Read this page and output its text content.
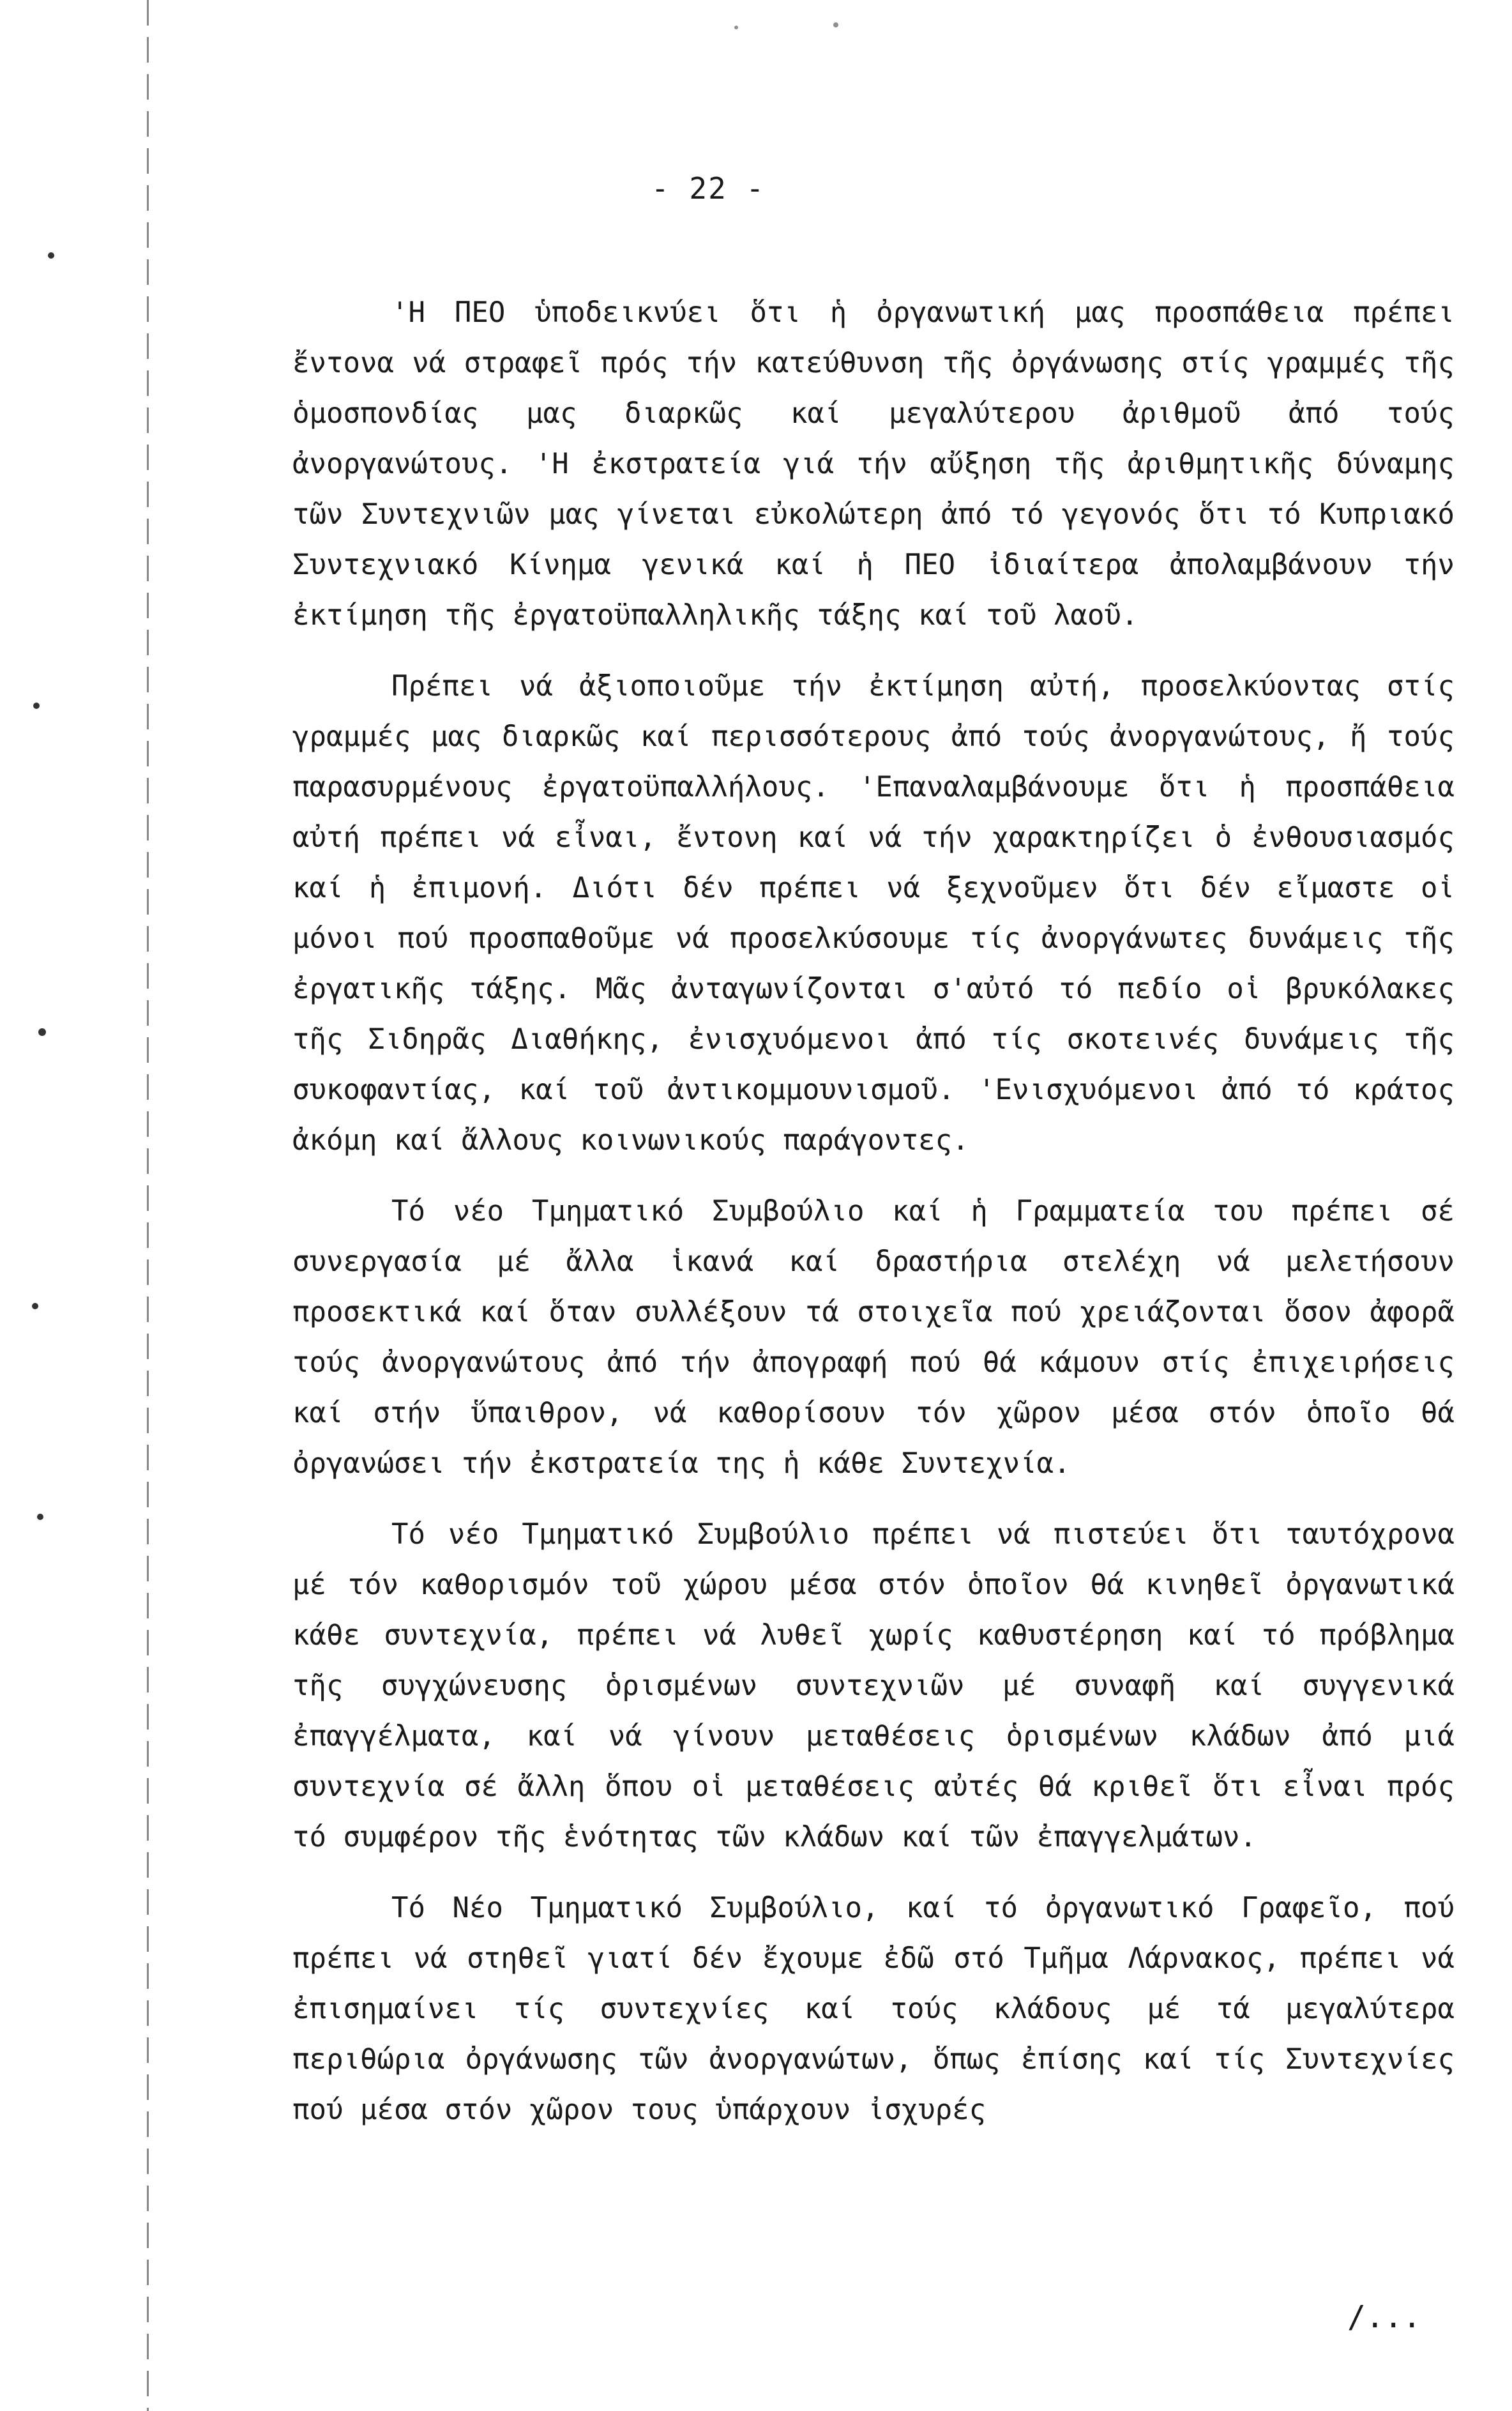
- 22 -

'Η ΠΕΟ ὑποδεικνύει ὅτι ἡ ὀργανωτική μας προσπάθεια πρέπει ἔντονα νά στραφεῖ πρός τήν κατεύθυνση τῆς ὀργάνωσης στίς γραμμές τῆς ὁμοσπονδίας μας διαρκῶς καί μεγαλύτερου ἀριθμοῦ ἀπό τούς ἀνοργανώτους. 'Η ἐκστρατεία γιά τήν αὔξηση τῆς ἀριθμητικῆς δύναμης τῶν Συντεχνιῶν μας γίνεται εὐκολώτερη ἀπό τό γεγονός ὅτι τό Κυπριακό Συντεχνιακό Κίνημα γενικά καί ἡ ΠΕΟ ἰδιαίτερα ἀπολαμβάνουν τήν ἐκτίμηση τῆς ἐργατοϋπαλληλικῆς τάξης καί τοῦ λαοῦ.

Πρέπει νά ἀξιοποιοῦμε τήν ἐκτίμηση αὐτή, προσελκύοντας στίς γραμμές μας διαρκῶς καί περισσότερους ἀπό τούς ἀνοργανώτους, ἤ τούς παρασυρμένους ἐργατοϋπαλλήλους. 'Επαναλαμβάνουμε ὅτι ἡ προσπάθεια αὐτή πρέπει νά εἶναι, ἔντονη καί νά τήν χαρακτηρίζει ὁ ἐνθουσιασμός καί ἡ ἐπιμονή. Διότι δέν πρέπει νά ξεχνοῦμεν ὅτι δέν εἴμαστε οἱ μόνοι πού προσπαθοῦμε νά προσελκύσουμε τίς ἀνοργάνωτες δυνάμεις τῆς ἐργατικῆς τάξης. Μᾶς ἀνταγωνίζονται σ'αὐτό τό πεδίο οἱ βρυκόλακες τῆς Σιδηρᾶς Διαθήκης, ἐνισχυόμενοι ἀπό τίς σκοτεινές δυνάμεις τῆς συκοφαντίας, καί τοῦ ἀντικομμουνισμοῦ. 'Ενισχυόμενοι ἀπό τό κράτος ἀκόμη καί ἄλλους κοινωνικούς παράγοντες.

Τό νέο Τμηματικό Συμβούλιο καί ἡ Γραμματεία του πρέπει σέ συνεργασία μέ ἄλλα ἱκανά καί δραστήρια στελέχη νά μελετήσουν προσεκτικά καί ὅταν συλλέξουν τά στοιχεῖα πού χρειάζονται ὅσον ἀφορᾶ τούς ἀνοργανώτους ἀπό τήν ἀπογραφή πού θά κάμουν στίς ἐπιχειρήσεις καί στήν ὕπαιθρον, νά καθορίσουν τόν χῶρον μέσα στόν ὁποῖο θά ὀργανώσει τήν ἐκστρατεία της ἡ κάθε Συντεχνία.

Τό νέο Τμηματικό Συμβούλιο πρέπει νά πιστεύει ὅτι ταυτόχρονα μέ τόν καθορισμόν τοῦ χώρου μέσα στόν ὁποῖον θά κινηθεῖ ὀργανωτικά κάθε συντεχνία, πρέπει νά λυθεῖ χωρίς καθυστέρηση καί τό πρόβλημα τῆς συγχώνευσης ὁρισμένων συντεχνιῶν μέ συναφῆ καί συγγενικά ἐπαγγέλματα, καί νά γίνουν μεταθέσεις ὁρισμένων κλάδων ἀπό μιά συντεχνία σέ ἄλλη ὅπου οἱ μεταθέσεις αὐτές θά κριθεῖ ὅτι εἶναι πρός τό συμφέρον τῆς ἑνότητας τῶν κλάδων καί τῶν ἐπαγγελμάτων.

Τό Νέο Τμηματικό Συμβούλιο, καί τό ὀργανωτικό Γραφεῖο, πού πρέπει νά στηθεῖ γιατί δέν ἔχουμε ἐδῶ στό Τμῆμα Λάρνακος, πρέπει νά ἐπισημαίνει τίς συντεχνίες καί τούς κλάδους μέ τά μεγαλύτερα περιθώρια ὀργάνωσης τῶν ἀνοργανώτων, ὅπως ἐπίσης καί τίς Συντεχνίες πού μέσα στόν χῶρον τους ὑπάρχουν ἰσχυρές

/...
